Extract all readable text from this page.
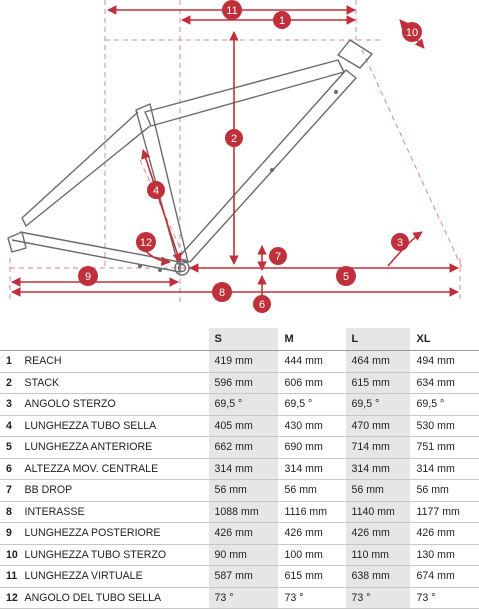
11
1
10
2
4
12	3
7
5
9
8
6
		S	M	L	XL
1	REACH	419 mm	444 mm	464 mm	494 mm
2	STACK	596 mm	606 mm	615 mm	634 mm
3	ANGOLO STERZO	69,5 °	69,5 °	69,5 °	69,5 °
4	LUNGHEZZA TUBO SELLA	405 mm	430 mm	470 mm	530 mm
5	LUNGHEZZA ANTERIORE	662 mm	690 mm	714 mm	751 mm
6	ALTEZZA MOV. CENTRALE	314 mm	314 mm	314 mm	314 mm
7	BB DROP	56 mm	56 mm	56 mm	56 mm
8	INTERASSE	1088 mm	1116 mm	1140 mm	1177 mm
9	LUNGHEZZA POSTERIORE	426 mm	426 mm	426 mm	426 mm
10	LUNGHEZZA TUBO STERZO	90 mm	100 mm	110 mm	130 mm
11	LUNGHEZZA VIRTUALE	587 mm	615 mm	638 mm	674 mm
12	ANGOLO DEL TUBO SELLA	73 °	73 °	73 °	73 °
